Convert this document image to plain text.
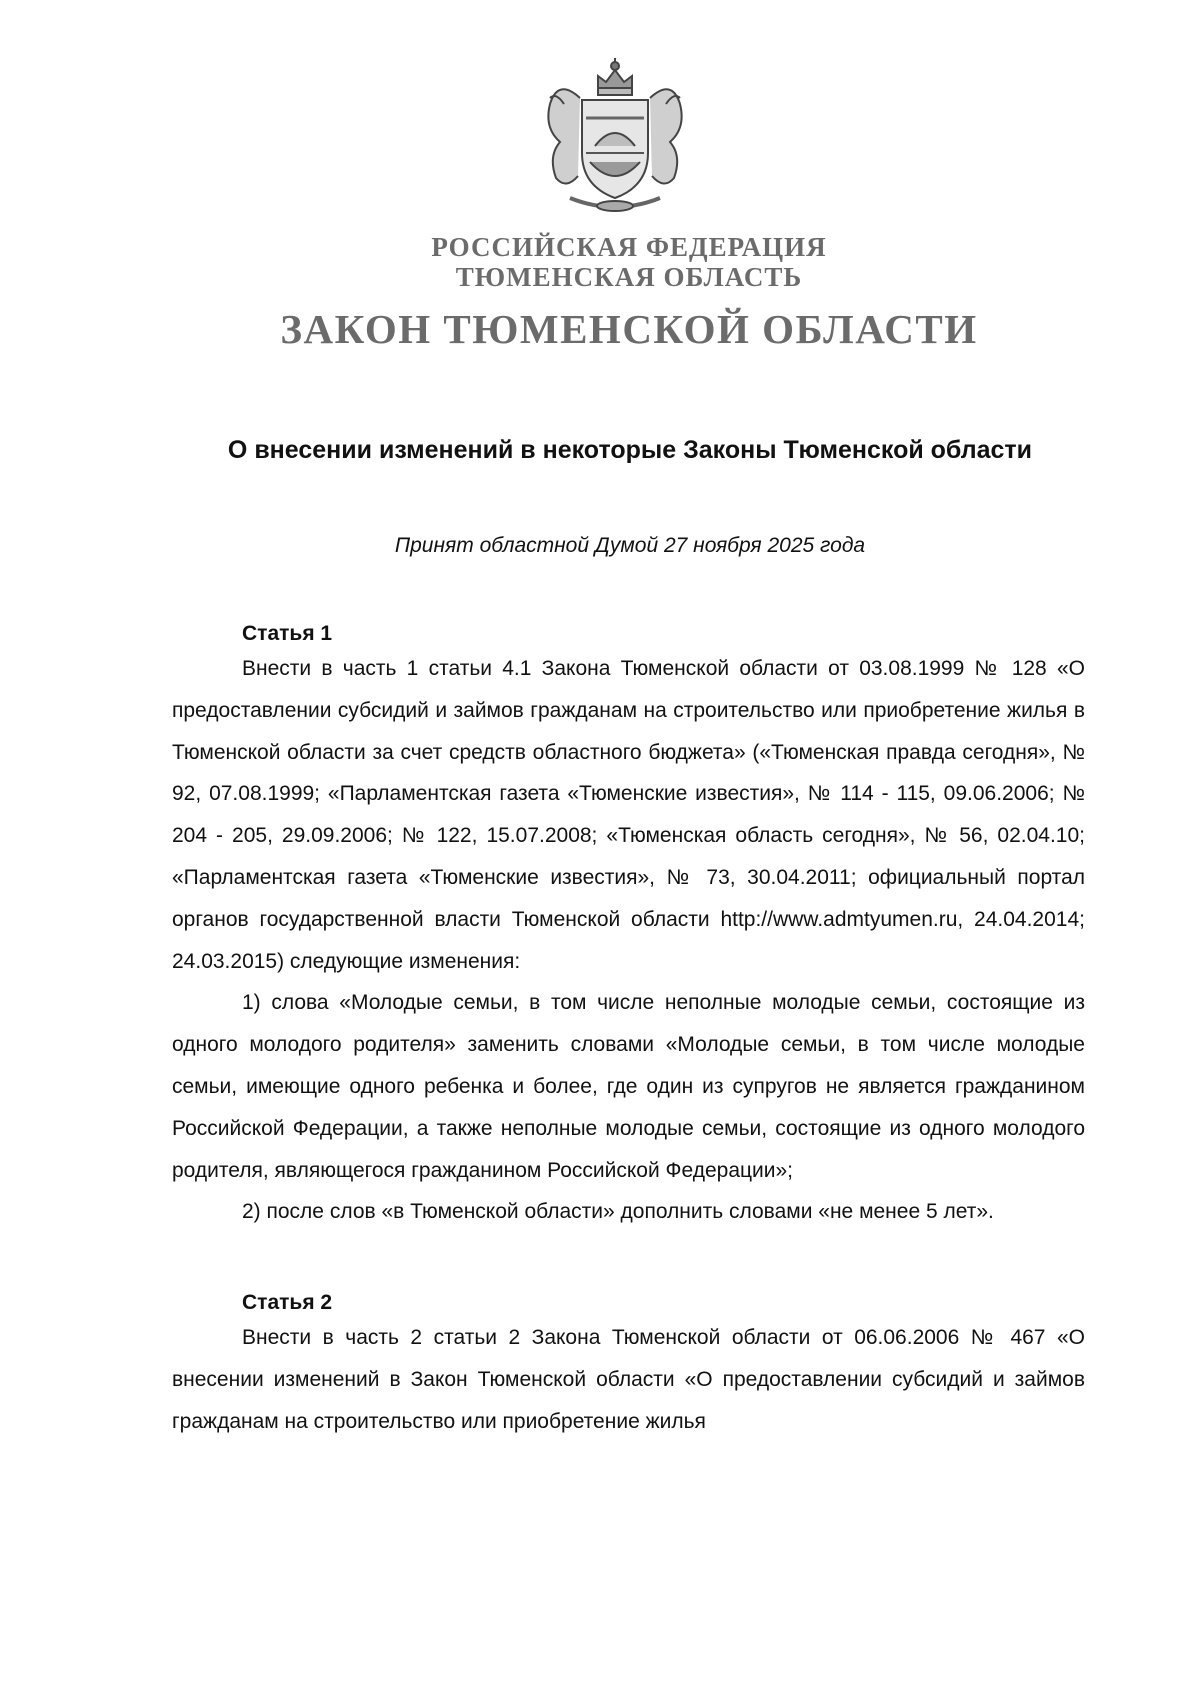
РОССИЙСКАЯ ФЕДЕРАЦИЯ
ТЮМЕНСКАЯ ОБЛАСТЬ
ЗАКОН ТЮМЕНСКОЙ ОБЛАСТИ
О внесении изменений в некоторые Законы Тюменской области
Принят областной Думой 27 ноября 2025 года
Статья 1

Внести в часть 1 статьи 4.1 Закона Тюменской области от 03.08.1999 № 128 «О предоставлении субсидий и займов гражданам на строительство или приобретение жилья в Тюменской области за счет средств областного бюджета» («Тюменская правда сегодня», № 92, 07.08.1999; «Парламентская газета «Тюменские известия», № 114 - 115, 09.06.2006; № 204 - 205, 29.09.2006; № 122, 15.07.2008; «Тюменская область сегодня», № 56, 02.04.10; «Парламентская газета «Тюменские известия», № 73, 30.04.2011; официальный портал органов государственной власти Тюменской области http://www.admtyumen.ru, 24.04.2014; 24.03.2015) следующие изменения:

1) слова «Молодые семьи, в том числе неполные молодые семьи, состоящие из одного молодого родителя» заменить словами «Молодые семьи, в том числе молодые семьи, имеющие одного ребенка и более, где один из супругов не является гражданином Российской Федерации, а также неполные молодые семьи, состоящие из одного молодого родителя, являющегося гражданином Российской Федерации»;

2) после слов «в Тюменской области» дополнить словами «не менее 5 лет».

Статья 2

Внести в часть 2 статьи 2 Закона Тюменской области от 06.06.2006 № 467 «О внесении изменений в Закон Тюменской области «О предоставлении субсидий и займов гражданам на строительство или приобретение жилья
